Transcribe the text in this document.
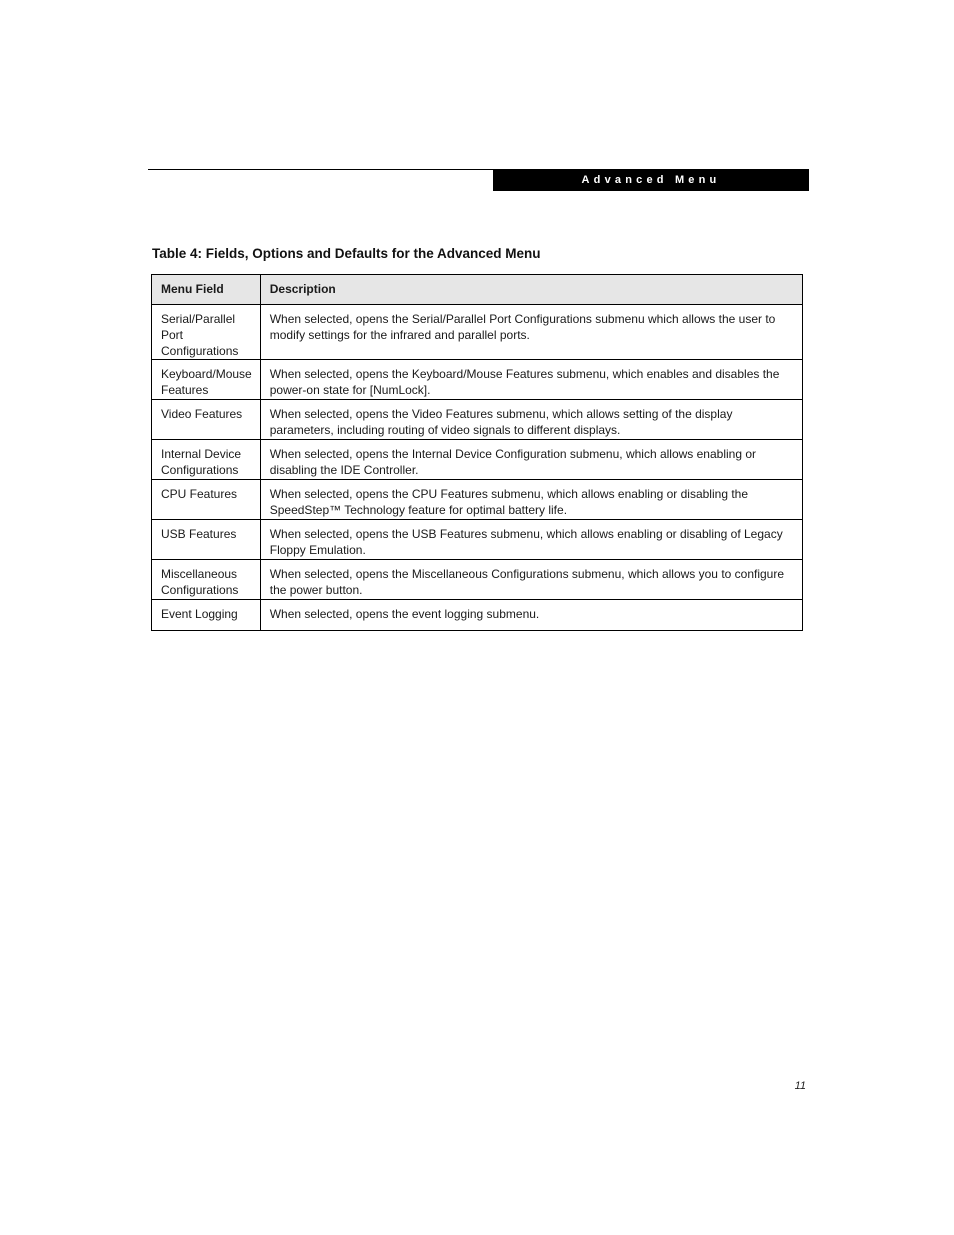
Advanced Menu
Table 4: Fields, Options and Defaults for the Advanced Menu
Menu Field	Description
Serial/Parallel Port Configurations	When selected, opens the Serial/Parallel Port Configurations submenu which allows the user to modify settings for the infrared and parallel ports.
Keyboard/Mouse Features	When selected, opens the Keyboard/Mouse Features submenu, which enables and disables the power-on state for [NumLock].
Video Features	When selected, opens the Video Features submenu, which allows setting of the display parameters, including routing of video signals to different displays.
Internal Device Configurations	When selected, opens the Internal Device Configuration submenu, which allows enabling or disabling the IDE Controller.
CPU Features	When selected, opens the CPU Features submenu, which allows enabling or disabling the SpeedStep™ Technology feature for optimal battery life.
USB Features	When selected, opens the USB Features submenu, which allows enabling or disabling of Legacy Floppy Emulation.
Miscellaneous Configurations	When selected, opens the Miscellaneous Configurations submenu, which allows you to configure the power button.
Event Logging	When selected, opens the event logging submenu.
11
